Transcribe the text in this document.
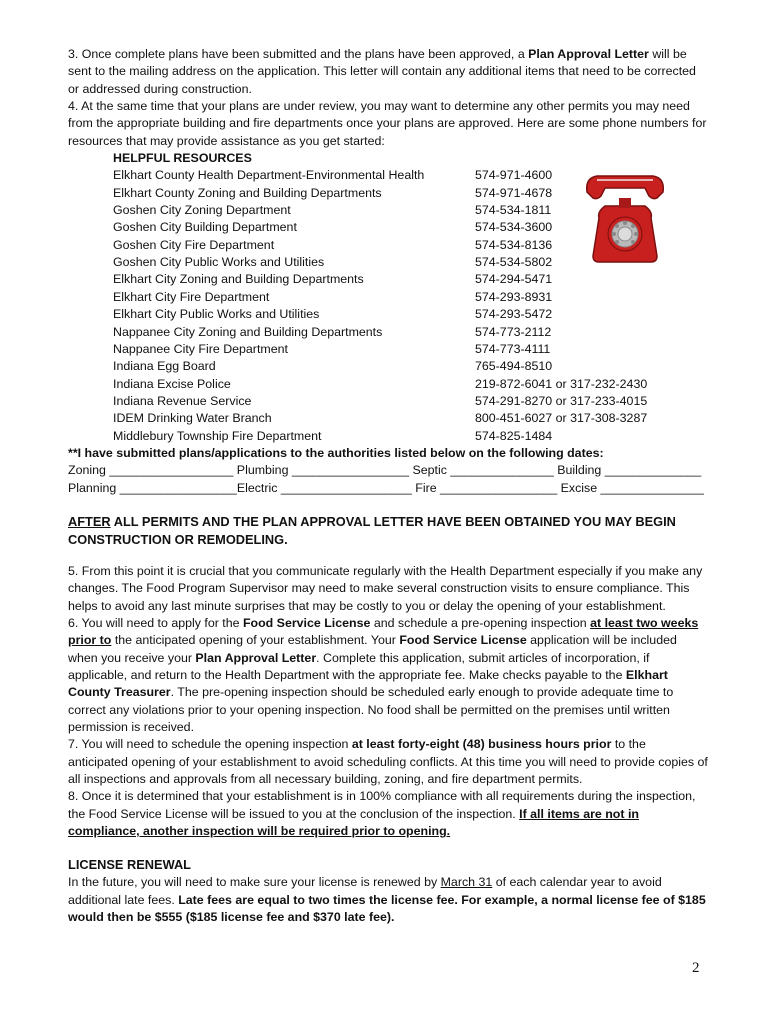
3. Once complete plans have been submitted and the plans have been approved, a Plan Approval Letter will be sent to the mailing address on the application. This letter will contain any additional items that need to be corrected or addressed during construction.

4. At the same time that your plans are under review, you may want to determine any other permits you may need from the appropriate building and fire departments once your plans are approved. Here are some phone numbers for resources that may provide assistance as you get started:

HELPFUL RESOURCES
Elkhart County Health Department-Environmental Health	574-971-4600
Elkhart County Zoning and Building Departments	574-971-4678
Goshen City Zoning Department	574-534-1811
Goshen City Building Department	574-534-3600
Goshen City Fire Department	574-534-8136
Goshen City Public Works and Utilities	574-534-5802
Elkhart City Zoning and Building Departments	574-294-5471
Elkhart City Fire Department	574-293-8931
Elkhart City Public Works and Utilities	574-293-5472
Nappanee City Zoning and Building Departments	574-773-2112
Nappanee City Fire Department	574-773-4111
Indiana Egg Board	765-494-8510
Indiana Excise Police	219-872-6041 or 317-232-2430
Indiana Revenue Service	574-291-8270 or 317-233-4015
IDEM Drinking Water Branch	800-451-6027 or 317-308-3287
Middlebury Township Fire Department	574-825-1484

**I have submitted plans/applications to the authorities listed below on the following dates:

Zoning __________________ Plumbing _________________ Septic _______________ Building ______________
Planning _________________Electric ___________________ Fire _________________ Excise _______________
AFTER ALL PERMITS AND THE PLAN APPROVAL LETTER HAVE BEEN OBTAINED YOU MAY BEGIN CONSTRUCTION OR REMODELING.

5. From this point it is crucial that you communicate regularly with the Health Department especially if you make any changes. The Food Program Supervisor may need to make several construction visits to ensure compliance. This helps to avoid any last minute surprises that may be costly to you or delay the opening of your establishment.

6. You will need to apply for the Food Service License and schedule a pre-opening inspection at least two weeks prior to the anticipated opening of your establishment. Your Food Service License application will be included when you receive your Plan Approval Letter. Complete this application, submit articles of incorporation, if applicable, and return to the Health Department with the appropriate fee. Make checks payable to the Elkhart County Treasurer. The pre-opening inspection should be scheduled early enough to provide adequate time to correct any violations prior to your opening inspection. No food shall be permitted on the premises until written permission is received.

7. You will need to schedule the opening inspection at least forty-eight (48) business hours prior to the anticipated opening of your establishment to avoid scheduling conflicts. At this time you will need to provide copies of all inspections and approvals from all necessary building, zoning, and fire department permits.

8. Once it is determined that your establishment is in 100% compliance with all requirements during the inspection, the Food Service License will be issued to you at the conclusion of the inspection. If all items are not in compliance, another inspection will be required prior to opening.

LICENSE RENEWAL

In the future, you will need to make sure your license is renewed by March 31 of each calendar year to avoid additional late fees. Late fees are equal to two times the license fee. For example, a normal license fee of $185 would then be $555 ($185 license fee and $370 late fee).

2
